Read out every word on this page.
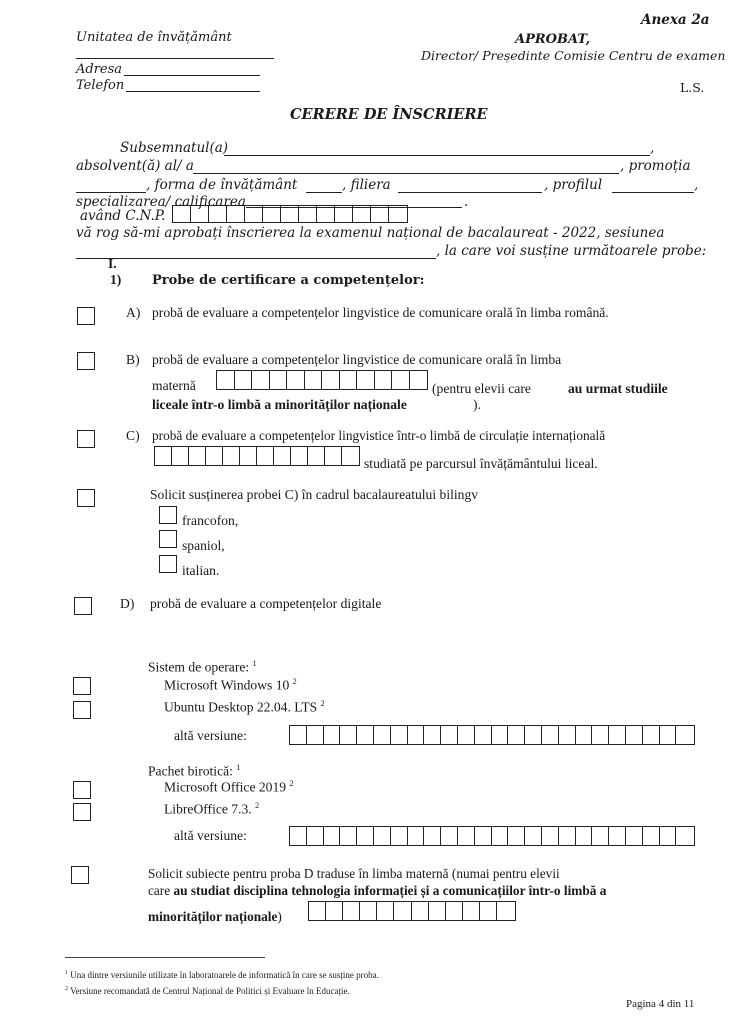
Anexa 2a
Unitatea de învățământ
Adresa
Telefon
APROBAT,
Director/ Președinte Comisie Centru de examen
L.S.
CERERE DE ÎNSCRIERE
Subsemnatul(a)	,
absolvent(ă) al/ a	, promoția
, forma de învățământ	, filiera	, profilul	,
specializarea/ calificarea	.
având C.N.P.
vă rog să-mi aprobați înscrierea la examenul național de bacalaureat - 2022, sesiunea
, la care voi susține următoarele probe:
I.
1) Probe de certificare a competențelor:
A) probă de evaluare a competențelor lingvistice de comunicare orală în limba română.
B) probă de evaluare a competențelor lingvistice de comunicare orală în limba
maternă	(pentru elevii care	au urmat studiile
liceale într-o limbă a minorităților naționale	).
C) probă de evaluare a competențelor lingvistice într-o limbă de circulație internațională
studiată pe parcursul învățământului liceal.
Solicit susținerea probei C) în cadrul bacalaureatului bilingv
francofon,
spaniol,
italian.
D) probă de evaluare a competențelor digitale
Sistem de operare: $^1$
Microsoft Windows 10 $^2$
Ubuntu Desktop 22.04. LTS $^2$
altă versiune:
Pachet birotică: $^1$
Microsoft Office 2019 $^2$
LibreOffice 7.3. $^2$
altă versiune:
Solicit subiecte pentru proba D traduse în limba maternă (numai pentru elevii
care au studiat disciplina tehnologia informației și a comunicațiilor într-o limbă a
minorităților naționale)
$^1$ Una dintre versiunile utilizate în laboratoarele de informatică în care se susține proba.
$^2$ Versiune recomandată de Centrul Național de Politici și Evaluare în Educație.
Pagina 4 din 11
